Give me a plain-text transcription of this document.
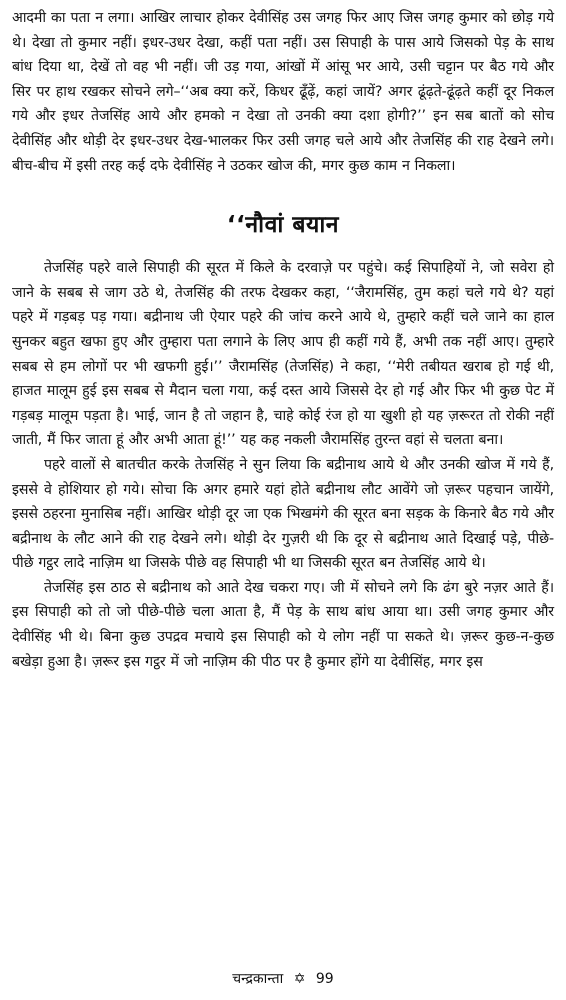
आदमी का पता न लगा। आखिर लाचार होकर देवीसिंह उस जगह फिर आए जिस जगह कुमार को छोड़ गये थे। देखा तो कुमार नहीं। इधर-उधर देखा, कहीं पता नहीं। उस सिपाही के पास आये जिसको पेड़ के साथ बांध दिया था, देखें तो वह भी नहीं। जी उड़ गया, आंखों में आंसू भर आये, उसी चट्टान पर बैठ गये और सिर पर हाथ रखकर सोचने लगे–‘‘अब क्या करें, किधर ढूँढ़ें, कहां जायें? अगर ढूंढ़ते-ढूंढ़ते कहीं दूर निकल गये और इधर तेजसिंह आये और हमको न देखा तो उनकी क्या दशा होगी?’’ इन सब बातों को सोच देवीसिंह और थोड़ी देर इधर-उधर देख-भालकर फिर उसी जगह चले आये और तेजसिंह की राह देखने लगे। बीच-बीच में इसी तरह कई दफे देवीसिंह ने उठकर खोज की, मगर कुछ काम न निकला।

‘‘नौवां बयान

तेजसिंह पहरे वाले सिपाही की सूरत में किले के दरवाज़े पर पहुंचे। कई सिपाहियों ने, जो सवेरा हो जाने के सबब से जाग उठे थे, तेजसिंह की तरफ देखकर कहा, ‘‘जैरामसिंह, तुम कहां चले गये थे? यहां पहरे में गड़बड़ पड़ गया। बद्रीनाथ जी ऐयार पहरे की जांच करने आये थे, तुम्हारे कहीं चले जाने का हाल सुनकर बहुत खफा हुए और तुम्हारा पता लगाने के लिए आप ही कहीं गये हैं, अभी तक नहीं आए। तुम्हारे सबब से हम लोगों पर भी खफगी हुई।’’ जैरामसिंह (तेजसिंह) ने कहा, ‘‘मेरी तबीयत खराब हो गई थी, हाजत मालूम हुई इस सबब से मैदान चला गया, कई दस्त आये जिससे देर हो गई और फिर भी कुछ पेट में गड़बड़ मालूम पड़ता है। भाई, जान है तो जहान है, चाहे कोई रंज हो या खुशी हो यह ज़रूरत तो रोकी नहीं जाती, मैं फिर जाता हूं और अभी आता हूं!’’ यह कह नकली जैरामसिंह तुरन्त वहां से चलता बना।

पहरे वालों से बातचीत करके तेजसिंह ने सुन लिया कि बद्रीनाथ आये थे और उनकी खोज में गये हैं, इससे वे होशियार हो गये। सोचा कि अगर हमारे यहां होते बद्रीनाथ लौट आवेंगे जो ज़रूर पहचान जायेंगे, इससे ठहरना मुनासिब नहीं। आखिर थोड़ी दूर जा एक भिखमंगे की सूरत बना सड़क के किनारे बैठ गये और बद्रीनाथ के लौट आने की राह देखने लगे। थोड़ी देर गुज़री थी कि दूर से बद्रीनाथ आते दिखाई पड़े, पीछे-पीछे गट्ठर लादे नाज़िम था जिसके पीछे वह सिपाही भी था जिसकी सूरत बन तेजसिंह आये थे।

तेजसिंह इस ठाठ से बद्रीनाथ को आते देख चकरा गए। जी में सोचने लगे कि ढंग बुरे नज़र आते हैं। इस सिपाही को तो जो पीछे-पीछे चला आता है, मैं पेड़ के साथ बांध आया था। उसी जगह कुमार और देवीसिंह भी थे। बिना कुछ उपद्रव मचाये इस सिपाही को ये लोग नहीं पा सकते थे। ज़रूर कुछ-न-कुछ बखेड़ा हुआ है। ज़रूर इस गट्ठर में जो नाज़िम की पीठ पर है कुमार होंगे या देवीसिंह, मगर इस

चन्द्रकान्ता ✡ 99
